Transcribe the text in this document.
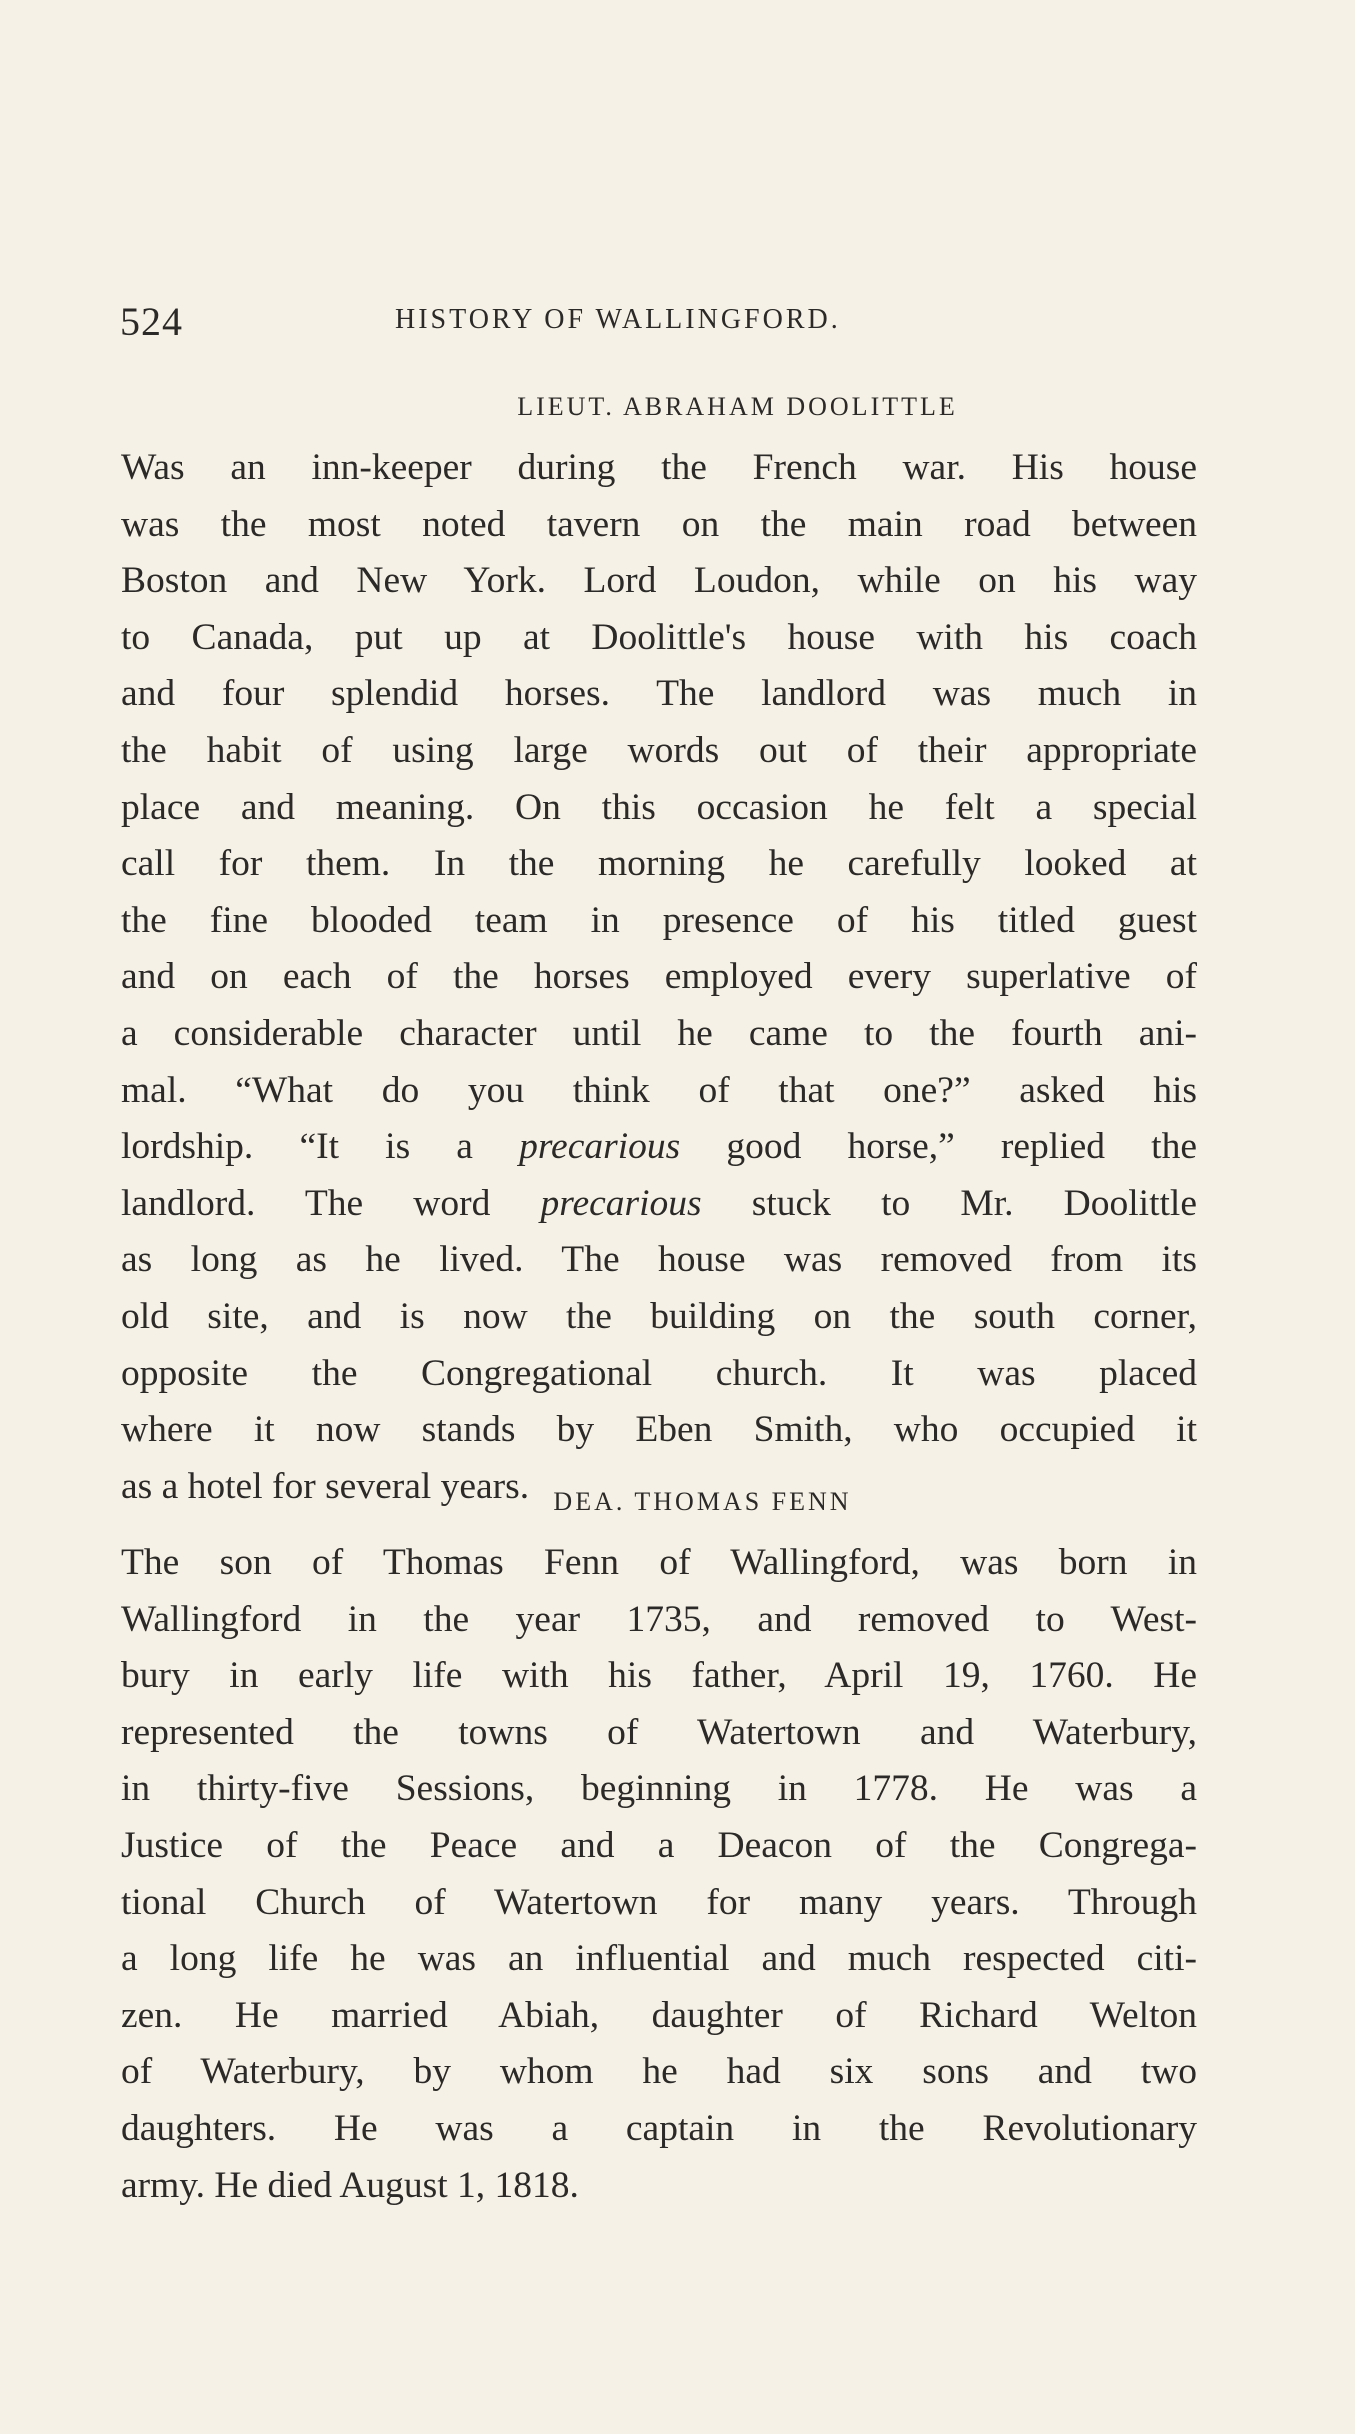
524	HISTORY OF WALLINGFORD.
LIEUT. ABRAHAM DOOLITTLE
Was an inn-keeper during the French war. His house
was the most noted tavern on the main road between
Boston and New York. Lord Loudon, while on his way
to Canada, put up at Doolittle's house with his coach
and four splendid horses. The landlord was much in
the habit of using large words out of their appropriate
place and meaning. On this occasion he felt a special
call for them. In the morning he carefully looked at
the fine blooded team in presence of his titled guest
and on each of the horses employed every superlative of
a considerable character until he came to the fourth ani-
mal. “What do you think of that one?” asked his
lordship. “It is a precarious good horse,” replied the
landlord. The word precarious stuck to Mr. Doolittle
as long as he lived. The house was removed from its
old site, and is now the building on the south corner,
opposite the Congregational church. It was placed
where it now stands by Eben Smith, who occupied it
as a hotel for several years. DEA. THOMAS FENN
The son of Thomas Fenn of Wallingford, was born in
Wallingford in the year 1735, and removed to West-
bury in early life with his father, April 19, 1760. He
represented the towns of Watertown and Waterbury,
in thirty-five Sessions, beginning in 1778. He was a
Justice of the Peace and a Deacon of the Congrega-
tional Church of Watertown for many years. Through
a long life he was an influential and much respected citi-
zen. He married Abiah, daughter of Richard Welton
of Waterbury, by whom he had six sons and two
daughters. He was a captain in the Revolutionary
army. He died August 1, 1818.
